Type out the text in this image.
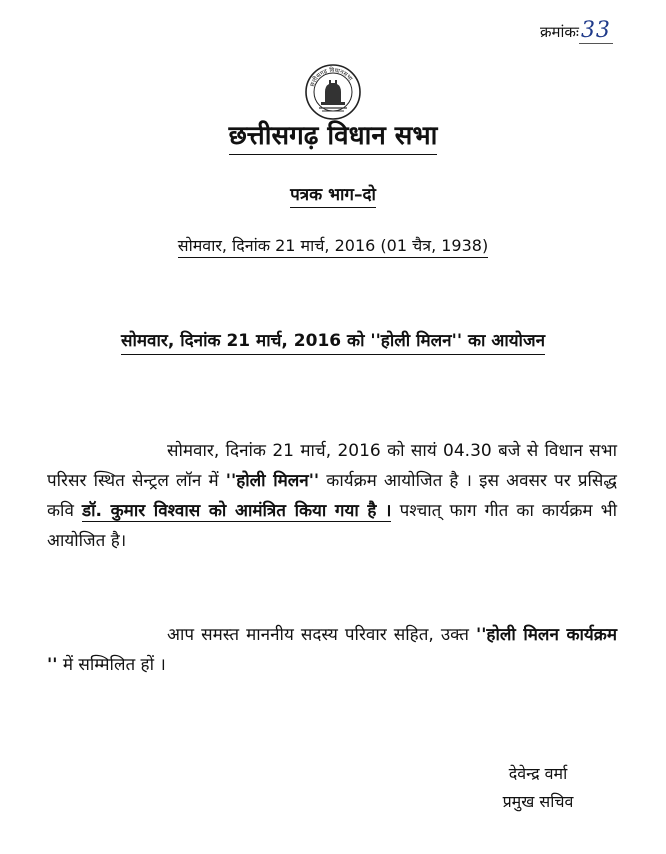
क्रमांकः33
छत्तीसगढ़ विधानसभा
छत्तीसगढ़ विधान सभा
पत्रक भाग–दो
सोमवार, दिनांक 21 मार्च, 2016 (01 चैत्र, 1938)
सोमवार, दिनांक 21 मार्च, 2016 को ''होली मिलन'' का आयोजन
सोमवार, दिनांक 21 मार्च, 2016 को सायं 04.30 बजे से विधान सभा परिसर स्थित सेन्ट्रल लॉन में ''होली मिलन'' कार्यक्रम आयोजित है । इस अवसर पर प्रसिद्ध कवि डॉ. कुमार विश्वास को आमंत्रित किया गया है । पश्चात् फाग गीत का कार्यक्रम भी आयोजित है।
आप समस्त माननीय सदस्य परिवार सहित, उक्त ''होली मिलन कार्यक्रम '' में सम्मिलित हों ।
देवेन्द्र वर्मा
प्रमुख सचिव
